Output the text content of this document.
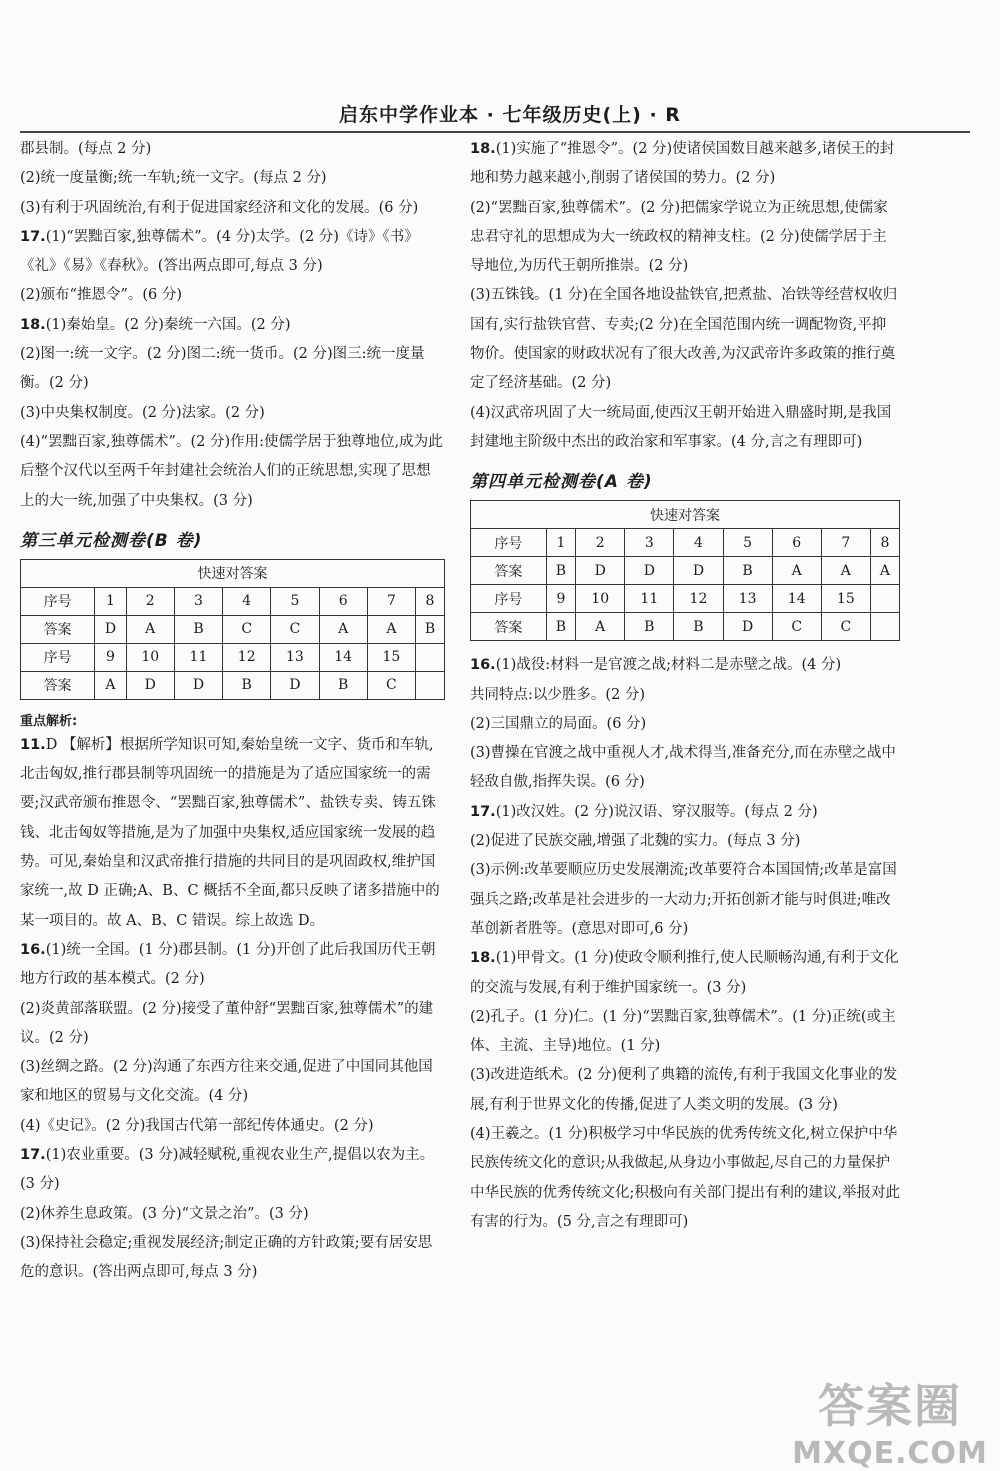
启东中学作业本 · 七年级历史(上) · R

郡县制。(每点 2 分)

(2)统一度量衡;统一车轨;统一文字。(每点 2 分)

(3)有利于巩固统治,有利于促进国家经济和文化的发展。(6 分)

17.(1)“罢黜百家,独尊儒术”。(4 分)太学。(2 分)《诗》《书》《礼》《易》《春秋》。(答出两点即可,每点 3 分)

(2)颁布“推恩令”。(6 分)

18.(1)秦始皇。(2 分)秦统一六国。(2 分)

(2)图一:统一文字。(2 分)图二:统一货币。(2 分)图三:统一度量衡。(2 分)

(3)中央集权制度。(2 分)法家。(2 分)

(4)“罢黜百家,独尊儒术”。(2 分)作用:使儒学居于独尊地位,成为此后整个汉代以至两千年封建社会统治人们的正统思想,实现了思想上的大一统,加强了中央集权。(3 分)

第三单元检测卷(B 卷)
快速对答案								
序号	1	2	3	4	5	6	7	8
答案	D	A	B	C	C	A	A	B
序号	9	10	11	12	13	14	15	
答案	A	D	D	B	D	B	C	
重点解析:

11.D 【解析】根据所学知识可知,秦始皇统一文字、货币和车轨,北击匈奴,推行郡县制等巩固统一的措施是为了适应国家统一的需要;汉武帝颁布推恩令、“罢黜百家,独尊儒术”、盐铁专卖、铸五铢钱、北击匈奴等措施,是为了加强中央集权,适应国家统一发展的趋势。可见,秦始皇和汉武帝推行措施的共同目的是巩固政权,维护国家统一,故 D 正确;A、B、C 概括不全面,都只反映了诸多措施中的某一项目的。故 A、B、C 错误。综上故选 D。

16.(1)统一全国。(1 分)郡县制。(1 分)开创了此后我国历代王朝地方行政的基本模式。(2 分)

(2)炎黄部落联盟。(2 分)接受了董仲舒“罢黜百家,独尊儒术”的建议。(2 分)

(3)丝绸之路。(2 分)沟通了东西方往来交通,促进了中国同其他国家和地区的贸易与文化交流。(4 分)

(4)《史记》。(2 分)我国古代第一部纪传体通史。(2 分)

17.(1)农业重要。(3 分)减轻赋税,重视农业生产,提倡以农为主。(3 分)

(2)休养生息政策。(3 分)“文景之治”。(3 分)

(3)保持社会稳定;重视发展经济;制定正确的方针政策;要有居安思危的意识。(答出两点即可,每点 3 分)

18.(1)实施了“推恩令”。(2 分)使诸侯国数目越来越多,诸侯王的封地和势力越来越小,削弱了诸侯国的势力。(2 分)

(2)“罢黜百家,独尊儒术”。(2 分)把儒家学说立为正统思想,使儒家忠君守礼的思想成为大一统政权的精神支柱。(2 分)使儒学居于主导地位,为历代王朝所推崇。(2 分)

(3)五铢钱。(1 分)在全国各地设盐铁官,把煮盐、冶铁等经营权收归国有,实行盐铁官营、专卖;(2 分)在全国范围内统一调配物资,平抑物价。使国家的财政状况有了很大改善,为汉武帝许多政策的推行奠定了经济基础。(2 分)

(4)汉武帝巩固了大一统局面,使西汉王朝开始进入鼎盛时期,是我国封建地主阶级中杰出的政治家和军事家。(4 分,言之有理即可)

第四单元检测卷(A 卷)
快速对答案								
序号	1	2	3	4	5	6	7	8
答案	B	D	D	D	B	A	A	A
序号	9	10	11	12	13	14	15	
答案	B	A	B	B	D	C	C	

16.(1)战役:材料一是官渡之战;材料二是赤壁之战。(4 分)

共同特点:以少胜多。(2 分)

(2)三国鼎立的局面。(6 分)

(3)曹操在官渡之战中重视人才,战术得当,准备充分,而在赤壁之战中轻敌自傲,指挥失误。(6 分)

17.(1)改汉姓。(2 分)说汉语、穿汉服等。(每点 2 分)

(2)促进了民族交融,增强了北魏的实力。(每点 3 分)

(3)示例:改革要顺应历史发展潮流;改革要符合本国国情;改革是富国强兵之路;改革是社会进步的一大动力;开拓创新才能与时俱进;唯改革创新者胜等。(意思对即可,6 分)

18.(1)甲骨文。(1 分)使政令顺利推行,使人民顺畅沟通,有利于文化的交流与发展,有利于维护国家统一。(3 分)

(2)孔子。(1 分)仁。(1 分)“罢黜百家,独尊儒术”。(1 分)正统(或主体、主流、主导)地位。(1 分)

(3)改进造纸术。(2 分)便利了典籍的流传,有利于我国文化事业的发展,有利于世界文化的传播,促进了人类文明的发展。(3 分)

(4)王羲之。(1 分)积极学习中华民族的优秀传统文化,树立保护中华民族传统文化的意识;从我做起,从身边小事做起,尽自己的力量保护中华民族的优秀传统文化;积极向有关部门提出有利的建议,举报对此有害的行为。(5 分,言之有理即可)

答案圈
MXQE.COM
